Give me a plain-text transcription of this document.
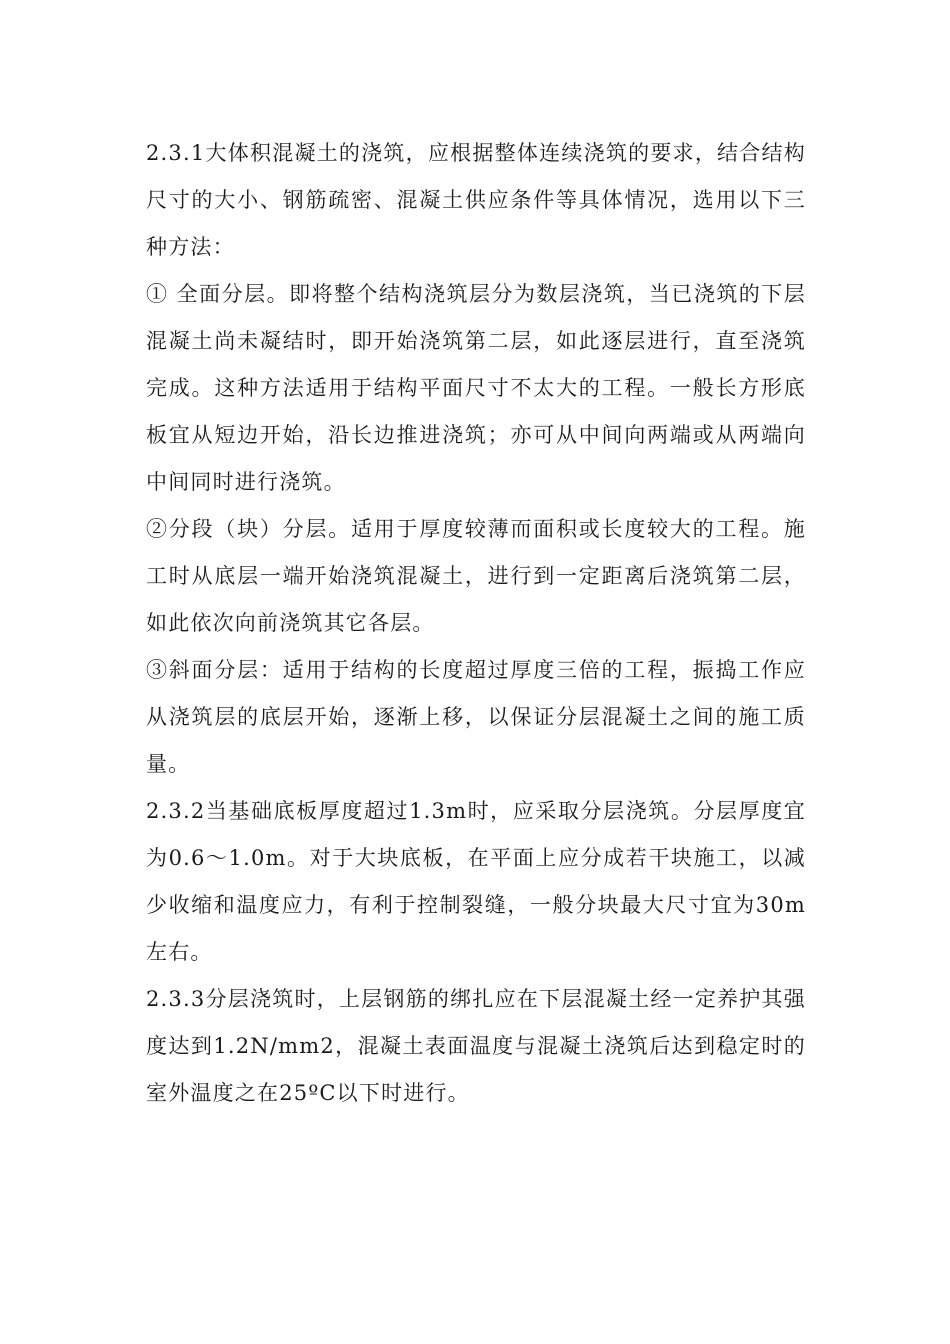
2.3.1大体积混凝土的浇筑，应根据整体连续浇筑的要求，结合结构尺寸的大小、钢筋疏密、混凝土供应条件等具体情况，选用以下三种方法：

① 全面分层。即将整个结构浇筑层分为数层浇筑，当已浇筑的下层混凝土尚未凝结时，即开始浇筑第二层，如此逐层进行，直至浇筑完成。这种方法适用于结构平面尺寸不太大的工程。一般长方形底板宜从短边开始，沿长边推进浇筑；亦可从中间向两端或从两端向中间同时进行浇筑。

②分段（块）分层。适用于厚度较薄而面积或长度较大的工程。施工时从底层一端开始浇筑混凝土，进行到一定距离后浇筑第二层，如此依次向前浇筑其它各层。

③斜面分层：适用于结构的长度超过厚度三倍的工程，振捣工作应从浇筑层的底层开始，逐渐上移，以保证分层混凝土之间的施工质量。

2.3.2当基础底板厚度超过1.3m时，应采取分层浇筑。分层厚度宜为0.6～1.0m。对于大块底板，在平面上应分成若干块施工，以减少收缩和温度应力，有利于控制裂缝，一般分块最大尺寸宜为30m左右。

2.3.3分层浇筑时，上层钢筋的绑扎应在下层混凝土经一定养护其强度达到1.2N/mm2，混凝土表面温度与混凝土浇筑后达到稳定时的室外温度之在25ºC以下时进行。
